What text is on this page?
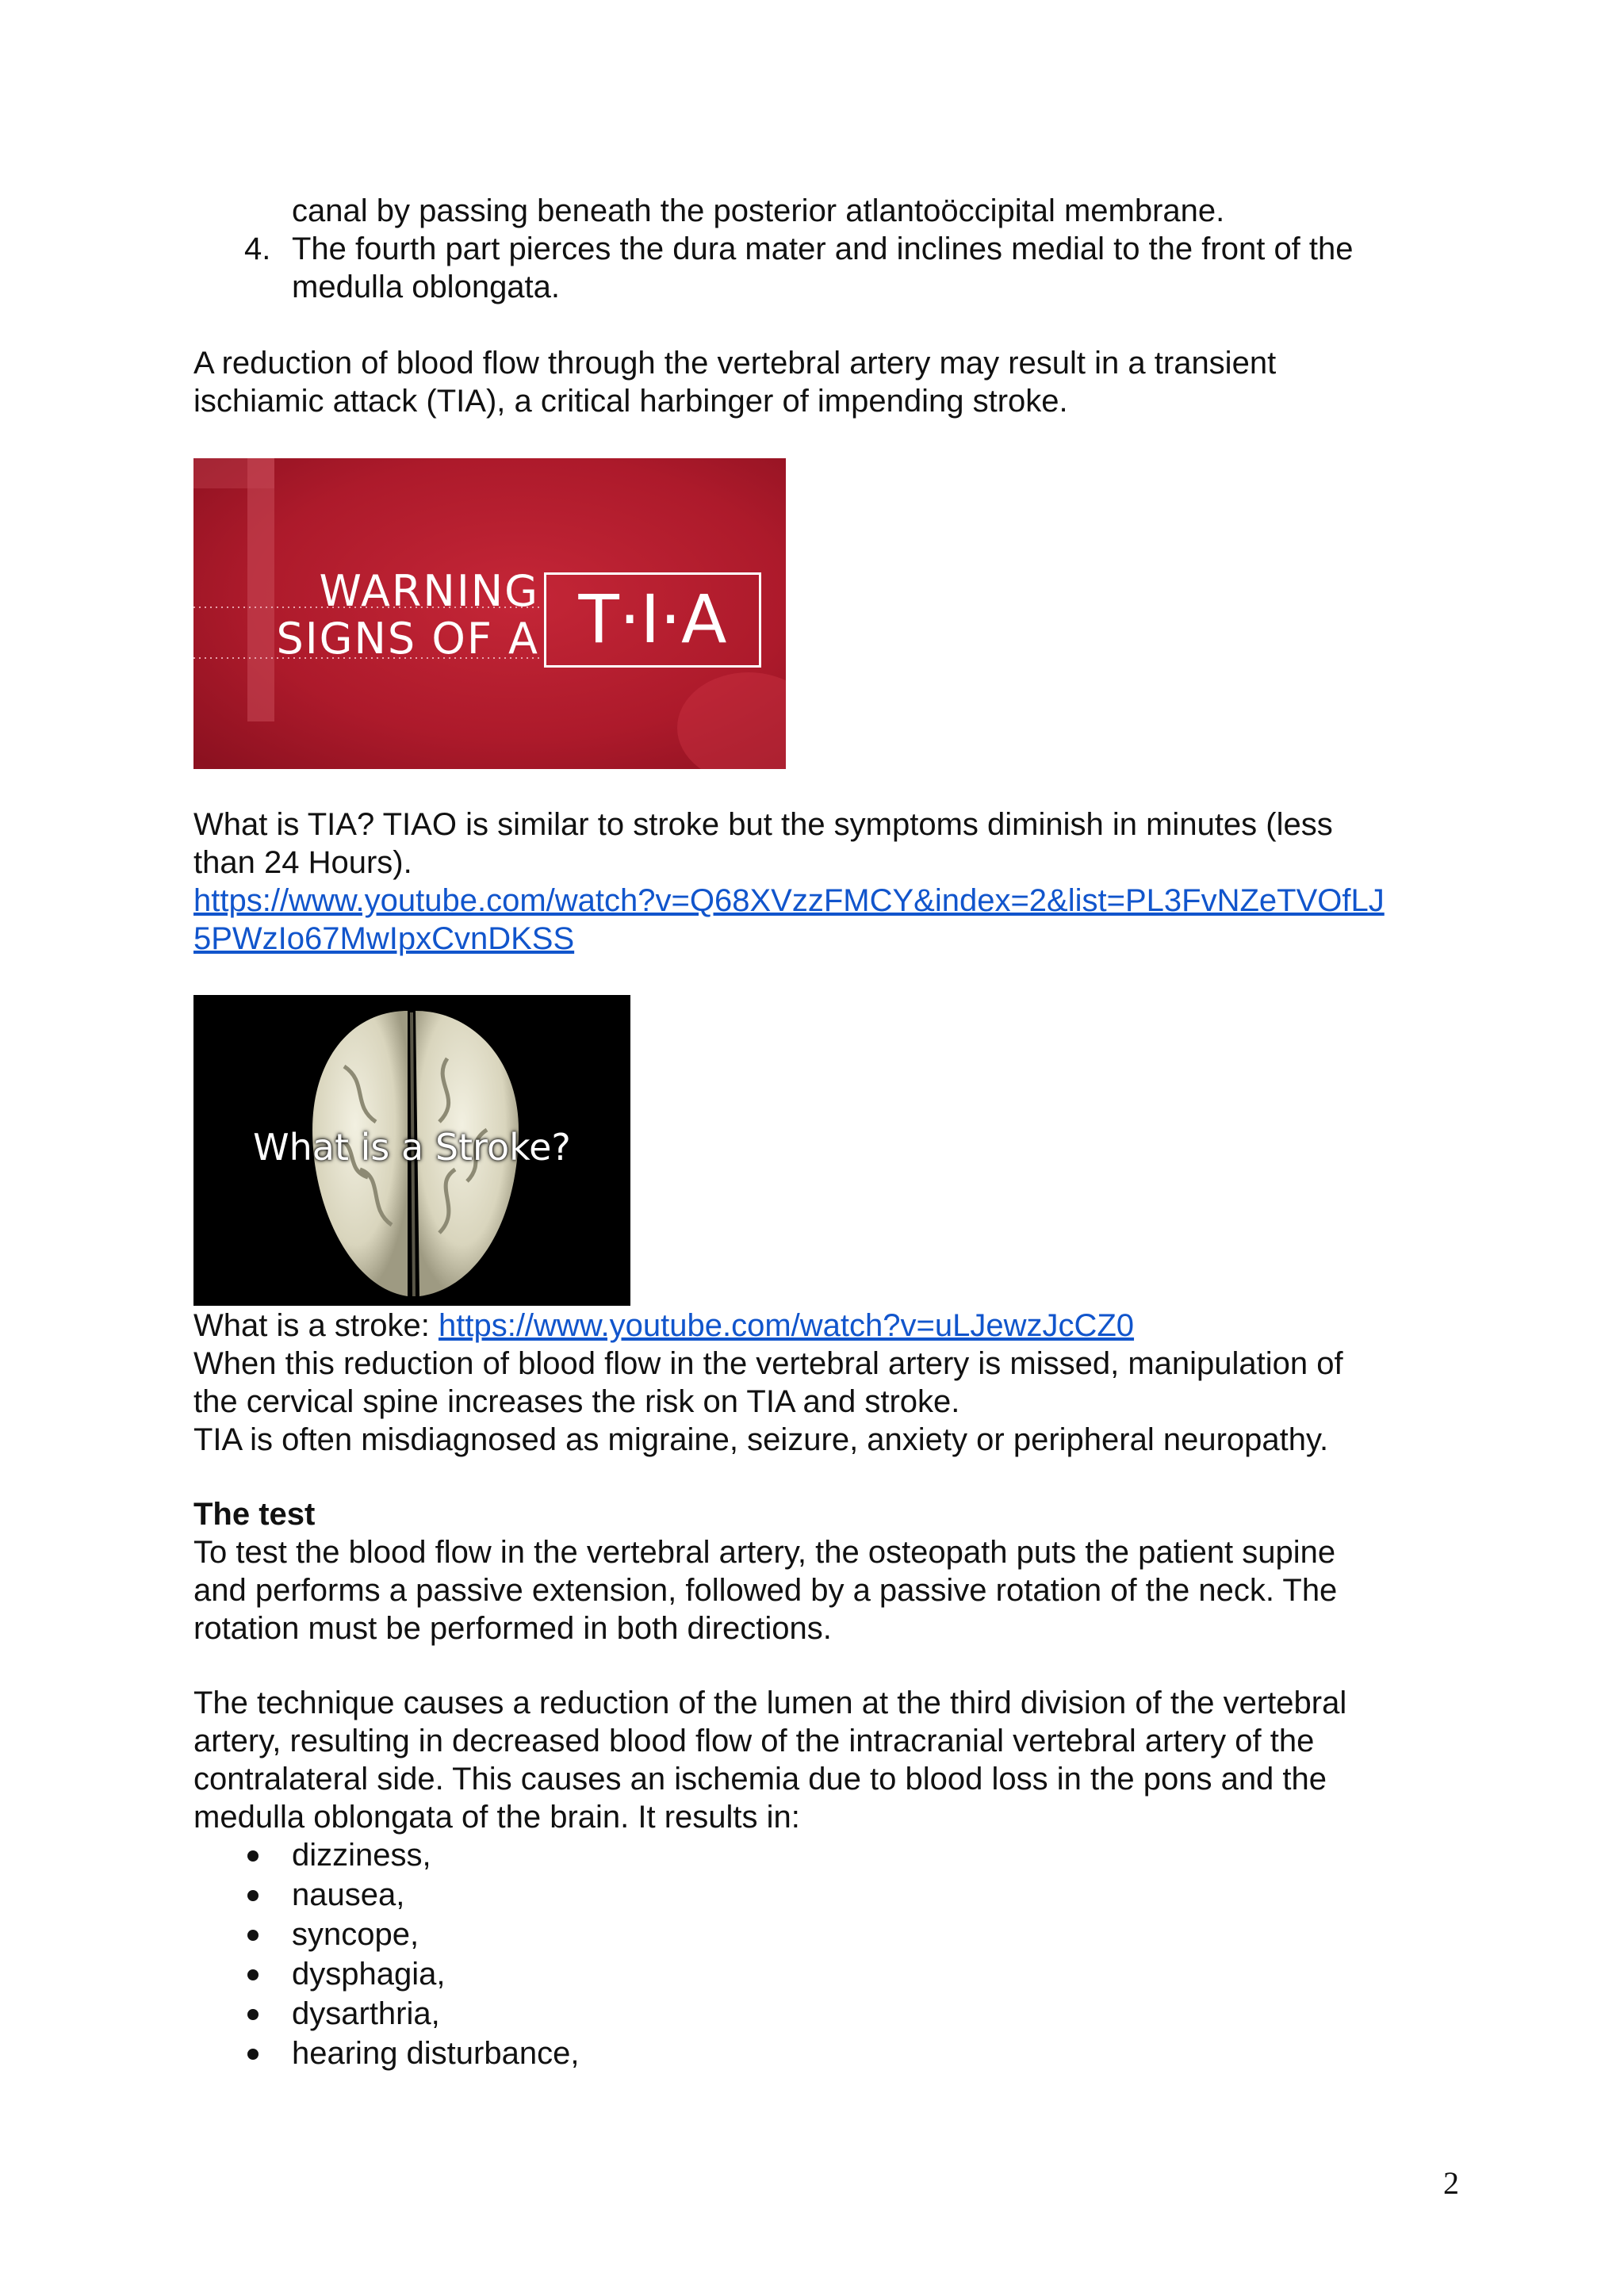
canal by passing beneath the posterior atlantoöccipital membrane.
4. The fourth part pierces the dura mater and inclines medial to the front of the
medulla oblongata.

A reduction of blood flow through the vertebral artery may result in a transient
ischiamic attack (TIA), a critical harbinger of impending stroke.

WARNING
SIGNS OF A T·I·A

What is TIA? TIAO is similar to stroke but the symptoms diminish in minutes (less
than 24 Hours).
https://www.youtube.com/watch?v=Q68XVzzFMCY&index=2&list=PL3FvNZeTVOfLJ
5PWzIo67MwIpxCvnDKSS

What is a Stroke?

What is a stroke: https://www.youtube.com/watch?v=uLJewzJcCZ0
When this reduction of blood flow in the vertebral artery is missed, manipulation of
the cervical spine increases the risk on TIA and stroke.
TIA is often misdiagnosed as migraine, seizure, anxiety or peripheral neuropathy.

The test

To test the blood flow in the vertebral artery, the osteopath puts the patient supine
and performs a passive extension, followed by a passive rotation of the neck. The
rotation must be performed in both directions.

The technique causes a reduction of the lumen at the third division of the vertebral
artery, resulting in decreased blood flow of the intracranial vertebral artery of the
contralateral side. This causes an ischemia due to blood loss in the pons and the
medulla oblongata of the brain. It results in:

dizziness,
nausea,
syncope,
dysphagia,
dysarthria,
hearing disturbance,
2
